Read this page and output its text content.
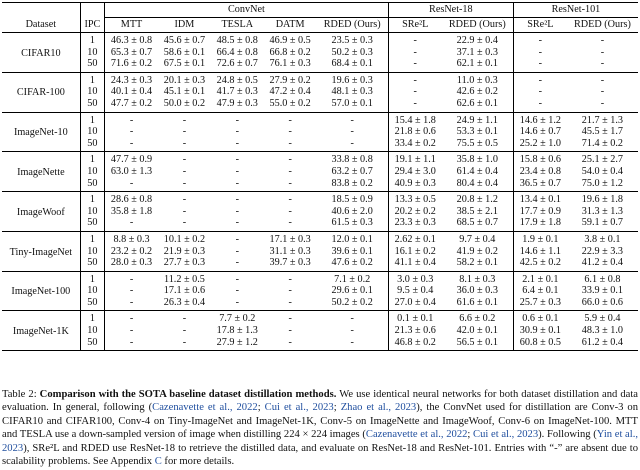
		ConvNet					ResNet-18		ResNet-101	
Dataset	IPC	MTT	IDM	TESLA	DATM	RDED (Ours)	SRe²L	RDED (Ours)	SRe²L	RDED (Ours)
CIFAR10	1	46.3 ± 0.8	45.6 ± 0.7	48.5 ± 0.8	46.9 ± 0.5	23.5 ± 0.3	-	22.9 ± 0.4	-	-
	10	65.3 ± 0.7	58.6 ± 0.1	66.4 ± 0.8	66.8 ± 0.2	50.2 ± 0.3	-	37.1 ± 0.3	-	-
	50	71.6 ± 0.2	67.5 ± 0.1	72.6 ± 0.7	76.1 ± 0.3	68.4 ± 0.1	-	62.1 ± 0.1	-	-
CIFAR-100	1	24.3 ± 0.3	20.1 ± 0.3	24.8 ± 0.5	27.9 ± 0.2	19.6 ± 0.3	-	11.0 ± 0.3	-	-
	10	40.1 ± 0.4	45.1 ± 0.1	41.7 ± 0.3	47.2 ± 0.4	48.1 ± 0.3	-	42.6 ± 0.2	-	-
	50	47.7 ± 0.2	50.0 ± 0.2	47.9 ± 0.3	55.0 ± 0.2	57.0 ± 0.1	-	62.6 ± 0.1	-	-
ImageNet-10	1	-	-	-	-	-	15.4 ± 1.8	24.9 ± 1.1	14.6 ± 1.2	21.7 ± 1.3
	10	-	-	-	-	-	21.8 ± 0.6	53.3 ± 0.1	14.6 ± 0.7	45.5 ± 1.7
	50	-	-	-	-	-	33.4 ± 0.2	75.5 ± 0.5	25.2 ± 1.0	71.4 ± 0.2
ImageNette	1	47.7 ± 0.9	-	-	-	33.8 ± 0.8	19.1 ± 1.1	35.8 ± 1.0	15.8 ± 0.6	25.1 ± 2.7
	10	63.0 ± 1.3	-	-	-	63.2 ± 0.7	29.4 ± 3.0	61.4 ± 0.4	23.4 ± 0.8	54.0 ± 0.4
	50	-	-	-	-	83.8 ± 0.2	40.9 ± 0.3	80.4 ± 0.4	36.5 ± 0.7	75.0 ± 1.2
ImageWoof	1	28.6 ± 0.8	-	-	-	18.5 ± 0.9	13.3 ± 0.5	20.8 ± 1.2	13.4 ± 0.1	19.6 ± 1.8
	10	35.8 ± 1.8	-	-	-	40.6 ± 2.0	20.2 ± 0.2	38.5 ± 2.1	17.7 ± 0.9	31.3 ± 1.3
	50	-	-	-	-	61.5 ± 0.3	23.3 ± 0.3	68.5 ± 0.7	17.9 ± 1.8	59.1 ± 0.7
Tiny-ImageNet	1	8.8 ± 0.3	10.1 ± 0.2	-	17.1 ± 0.3	12.0 ± 0.1	2.62 ± 0.1	9.7 ± 0.4	1.9 ± 0.1	3.8 ± 0.1
	10	23.2 ± 0.2	21.9 ± 0.3	-	31.1 ± 0.3	39.6 ± 0.1	16.1 ± 0.2	41.9 ± 0.2	14.6 ± 1.1	22.9 ± 3.3
	50	28.0 ± 0.3	27.7 ± 0.3	-	39.7 ± 0.3	47.6 ± 0.2	41.1 ± 0.4	58.2 ± 0.1	42.5 ± 0.2	41.2 ± 0.4
ImageNet-100	1	-	11.2 ± 0.5	-	-	7.1 ± 0.2	3.0 ± 0.3	8.1 ± 0.3	2.1 ± 0.1	6.1 ± 0.8
	10	-	17.1 ± 0.6	-	-	29.6 ± 0.1	9.5 ± 0.4	36.0 ± 0.3	6.4 ± 0.1	33.9 ± 0.1
	50	-	26.3 ± 0.4	-	-	50.2 ± 0.2	27.0 ± 0.4	61.6 ± 0.1	25.7 ± 0.3	66.0 ± 0.6
ImageNet-1K	1	-	-	7.7 ± 0.2	-	-	0.1 ± 0.1	6.6 ± 0.2	0.6 ± 0.1	5.9 ± 0.4
	10	-	-	17.8 ± 1.3	-	-	21.3 ± 0.6	42.0 ± 0.1	30.9 ± 0.1	48.3 ± 1.0
	50	-	-	27.9 ± 1.2	-	-	46.8 ± 0.2	56.5 ± 0.1	60.8 ± 0.5	61.2 ± 0.4
Table 2: Comparison with the SOTA baseline dataset distillation methods. We use identical neural networks for both dataset distillation and data evaluation. In general, following (Cazenavette et al., 2022; Cui et al., 2023; Zhao et al., 2023), the ConvNet used for distillation are Conv-3 on CIFAR10 and CIFAR100, Conv-4 on Tiny-ImageNet and ImageNet-1K, Conv-5 on ImageNette and ImageWoof, Conv-6 on ImageNet-100. MTT and TESLA use a down-sampled version of image when distilling 224 × 224 images (Cazenavette et al., 2022; Cui et al., 2023). Following (Yin et al., 2023), SRe²L and RDED use ResNet-18 to retrieve the distilled data, and evaluate on ResNet-18 and ResNet-101. Entries with “-” are absent due to scalability problems. See Appendix C for more details.
